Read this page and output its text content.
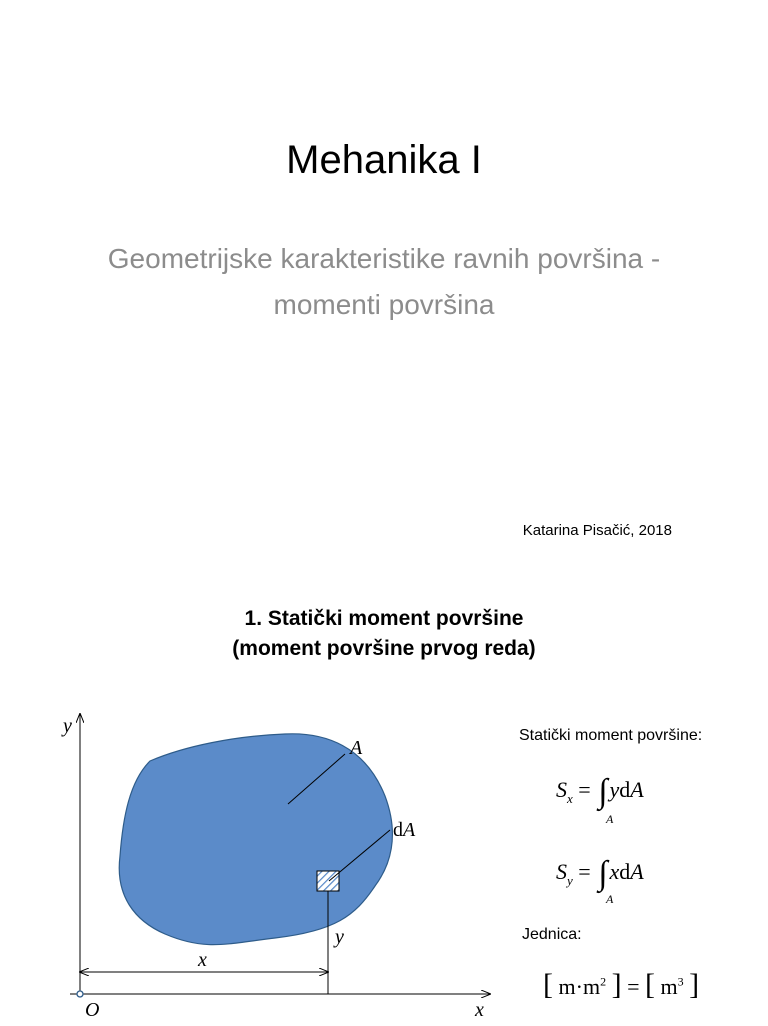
Mehanika I
Geometrijske karakteristike ravnih površina -
momenti površina
Katarina Pisačić, 2018
1. Statički moment površine
(moment površine prvog reda)
y
x
O
A
dA
x
y
Statički moment površine:
$S_x = \int ydA$
A
$S_y = \int xdA$
A
Jednica:
[ $m\cdot m^2$ ] = [ $m^3$ ]
